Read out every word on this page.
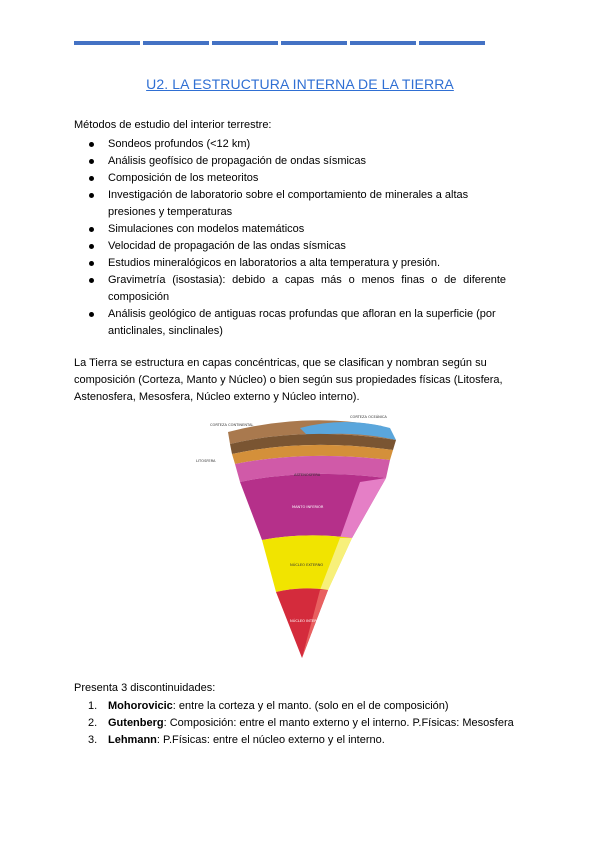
U2. LA ESTRUCTURA INTERNA DE LA TIERRA
Métodos de estudio del interior terrestre:
Sondeos profundos (<12 km)
Análisis geofísico de propagación de ondas sísmicas
Composición de los meteoritos
Investigación de laboratorio sobre el comportamiento de minerales a altas presiones y temperaturas
Simulaciones con modelos matemáticos
Velocidad de propagación de las ondas sísmicas
Estudios mineralógicos en laboratorios a alta temperatura y presión.
Gravimetría (isostasia): debido a capas más o menos finas o de diferente composición
Análisis geológico de antiguas rocas profundas que afloran en la superficie (por anticlinales, sinclinales)
La Tierra se estructura en capas concéntricas, que se clasifican y nombran según su composición (Corteza, Manto y Núcleo) o bien según sus propiedades físicas (Litosfera, Astenosfera, Mesosfera, Núcleo externo y Núcleo interno).
CORTEZA OCEÁNICA
CORTEZA CONTINENTAL
LITOSFERA
ASTENOSFERA
MANTO INFERIOR
NÚCLEO EXTERNO
NÚCLEO INTERNO
Presenta 3 discontinuidades:
1. Mohorovicic: entre la corteza y el manto. (solo en el de composición)
2. Gutenberg: Composición: entre el manto externo y el interno. P.Físicas: Mesosfera
3. Lehmann: P.Físicas: entre el núcleo externo y el interno.
